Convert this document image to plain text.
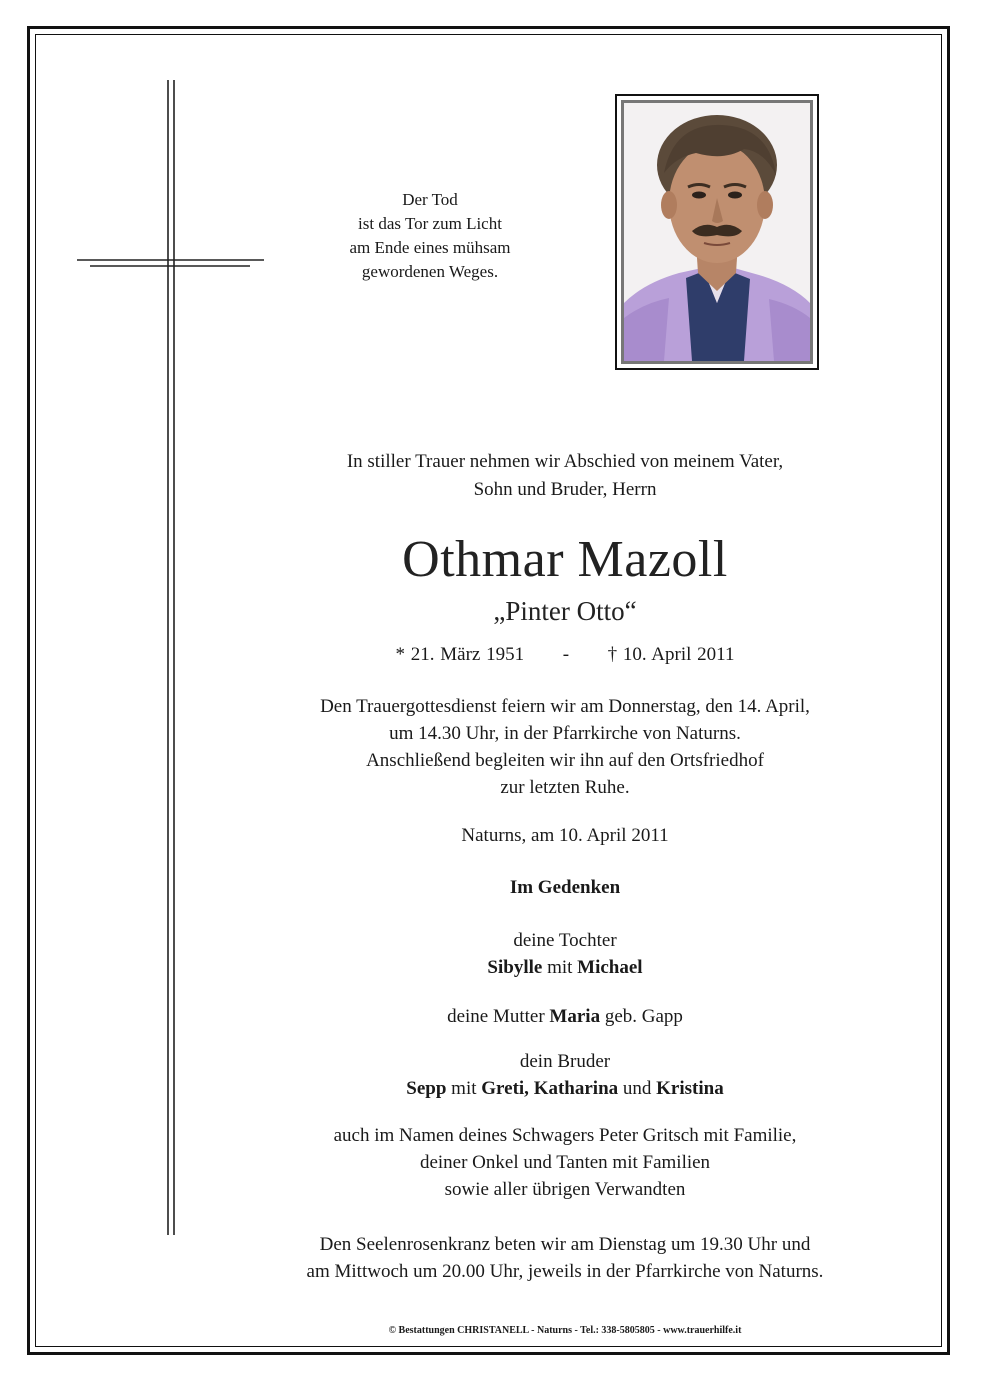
Der Tod
ist das Tor zum Licht
am Ende eines mühsam
gewordenen Weges.
In stiller Trauer nehmen wir Abschied von meinem Vater,
Sohn und Bruder, Herrn
Othmar Mazoll
„Pinter Otto“
* 21. März 1951 - † 10. April 2011
Den Trauergottesdienst feiern wir am Donnerstag, den 14. April,
um 14.30 Uhr, in der Pfarrkirche von Naturns.
Anschließend begleiten wir ihn auf den Ortsfriedhof
zur letzten Ruhe.
Naturns, am 10. April 2011
Im Gedenken
deine Tochter
Sibylle mit Michael
deine Mutter Maria geb. Gapp
dein Bruder
Sepp mit Greti, Katharina und Kristina
auch im Namen deines Schwagers Peter Gritsch mit Familie,
deiner Onkel und Tanten mit Familien
sowie aller übrigen Verwandten
Den Seelenrosenkranz beten wir am Dienstag um 19.30 Uhr und
am Mittwoch um 20.00 Uhr, jeweils in der Pfarrkirche von Naturns.
© Bestattungen CHRISTANELL - Naturns - Tel.: 338-5805805 - www.trauerhilfe.it
